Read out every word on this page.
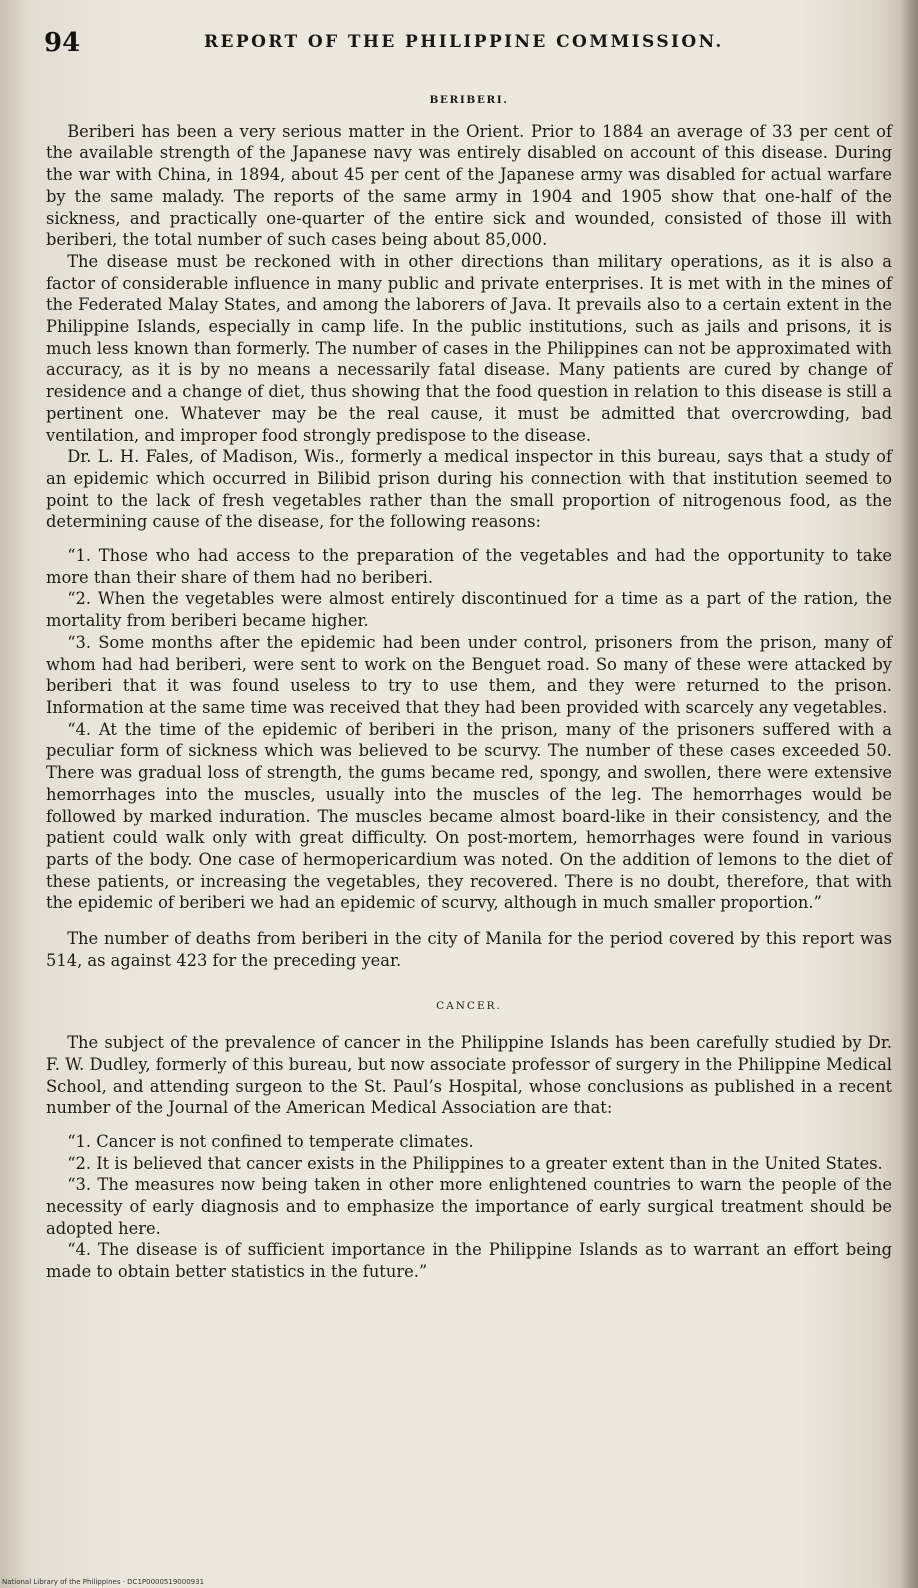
94	REPORT OF THE PHILIPPINE COMMISSION.
BERIBERI.

Beriberi has been a very serious matter in the Orient. Prior to 1884 an average of 33 per cent of the available strength of the Japanese navy was entirely disabled on account of this disease. During the war with China, in 1894, about 45 per cent of the Japanese army was disabled for actual warfare by the same malady. The reports of the same army in 1904 and 1905 show that one-half of the sickness, and practically one-quarter of the entire sick and wounded, consisted of those ill with beriberi, the total number of such cases being about 85,000.

The disease must be reckoned with in other directions than military operations, as it is also a factor of considerable influence in many public and private enterprises. It is met with in the mines of the Federated Malay States, and among the laborers of Java. It prevails also to a certain extent in the Philippine Islands, especially in camp life. In the public institutions, such as jails and prisons, it is much less known than formerly. The number of cases in the Philippines can not be approximated with accuracy, as it is by no means a necessarily fatal disease. Many patients are cured by change of residence and a change of diet, thus showing that the food question in relation to this disease is still a pertinent one. Whatever may be the real cause, it must be admitted that overcrowding, bad ventilation, and improper food strongly predispose to the disease.

Dr. L. H. Fales, of Madison, Wis., formerly a medical inspector in this bureau, says that a study of an epidemic which occurred in Bilibid prison during his connection with that institution seemed to point to the lack of fresh vegetables rather than the small proportion of nitrogenous food, as the determining cause of the disease, for the following reasons:

“1. Those who had access to the preparation of the vegetables and had the opportunity to take more than their share of them had no beriberi.

“2. When the vegetables were almost entirely discontinued for a time as a part of the ration, the mortality from beriberi became higher.

“3. Some months after the epidemic had been under control, prisoners from the prison, many of whom had had beriberi, were sent to work on the Benguet road. So many of these were attacked by beriberi that it was found useless to try to use them, and they were returned to the prison. Information at the same time was received that they had been provided with scarcely any vegetables.

“4. At the time of the epidemic of beriberi in the prison, many of the prisoners suffered with a peculiar form of sickness which was believed to be scurvy. The number of these cases exceeded 50. There was gradual loss of strength, the gums became red, spongy, and swollen, there were extensive hemorrhages into the muscles, usually into the muscles of the leg. The hemorrhages would be followed by marked induration. The muscles became almost board-like in their consistency, and the patient could walk only with great difficulty. On post-mortem, hemorrhages were found in various parts of the body. One case of hermopericardium was noted. On the addition of lemons to the diet of these patients, or increasing the vegetables, they recovered. There is no doubt, therefore, that with the epidemic of beriberi we had an epidemic of scurvy, although in much smaller proportion.”

The number of deaths from beriberi in the city of Manila for the period covered by this report was 514, as against 423 for the preceding year.

CANCER.

The subject of the prevalence of cancer in the Philippine Islands has been carefully studied by Dr. F. W. Dudley, formerly of this bureau, but now associate professor of surgery in the Philippine Medical School, and attending surgeon to the St. Paul’s Hospital, whose conclusions as published in a recent number of the Journal of the American Medical Association are that:

“1. Cancer is not confined to temperate climates.

“2. It is believed that cancer exists in the Philippines to a greater extent than in the United States.

“3. The measures now being taken in other more enlightened countries to warn the people of the necessity of early diagnosis and to emphasize the importance of early surgical treatment should be adopted here.

“4. The disease is of sufficient importance in the Philippine Islands as to warrant an effort being made to obtain better statistics in the future.”

National Library of the Philippines · DC1P0000519000931
